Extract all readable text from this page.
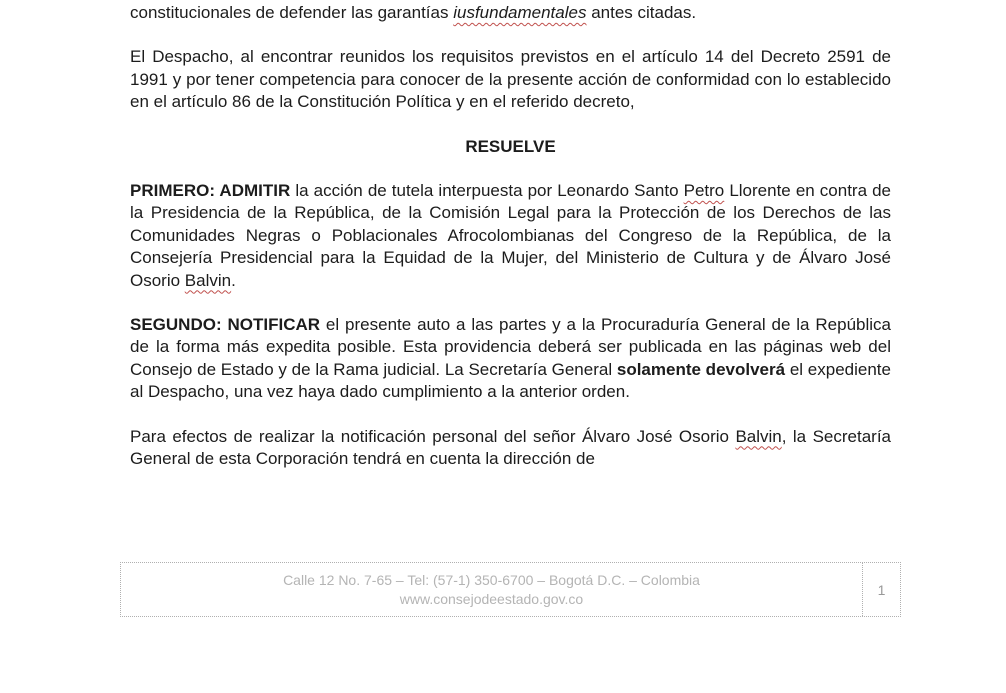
constitucionales de defender las garantías iusfundamentales antes citadas.

El Despacho, al encontrar reunidos los requisitos previstos en el artículo 14 del Decreto 2591 de 1991 y por tener competencia para conocer de la presente acción de conformidad con lo establecido en el artículo 86 de la Constitución Política y en el referido decreto,

RESUELVE

PRIMERO: ADMITIR la acción de tutela interpuesta por Leonardo Santo Petro Llorente en contra de la Presidencia de la República, de la Comisión Legal para la Protección de los Derechos de las Comunidades Negras o Poblacionales Afrocolombianas del Congreso de la República, de la Consejería Presidencial para la Equidad de la Mujer, del Ministerio de Cultura y de Álvaro José Osorio Balvin.

SEGUNDO: NOTIFICAR el presente auto a las partes y a la Procuraduría General de la República de la forma más expedita posible. Esta providencia deberá ser publicada en las páginas web del Consejo de Estado y de la Rama judicial. La Secretaría General solamente devolverá el expediente al Despacho, una vez haya dado cumplimiento a la anterior orden.

Para efectos de realizar la notificación personal del señor Álvaro José Osorio Balvin, la Secretaría General de esta Corporación tendrá en cuenta la dirección de

Calle 12 No. 7-65 – Tel: (57-1) 350-6700 – Bogotá D.C. – Colombia
www.consejodeestado.gov.co
1
